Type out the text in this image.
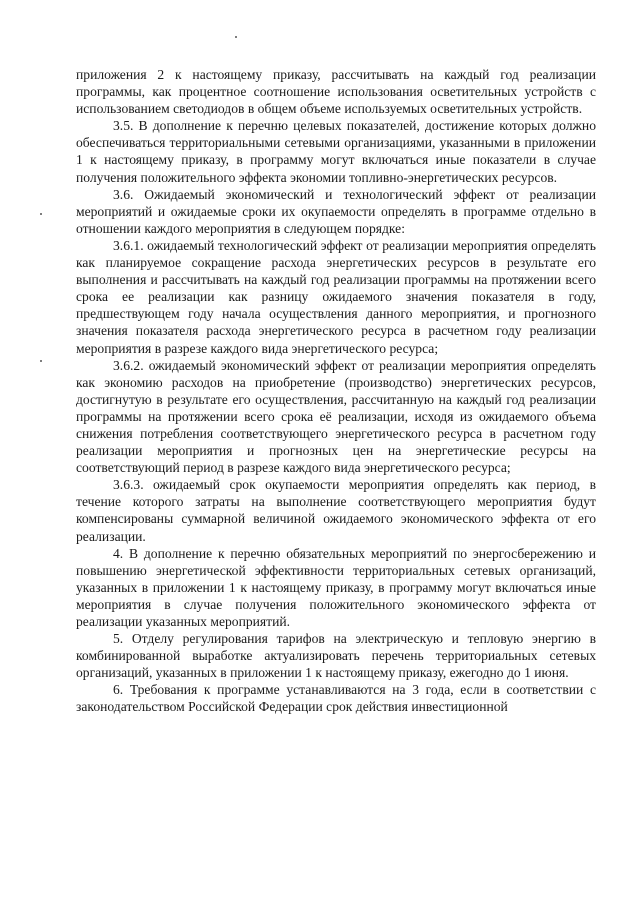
приложения 2 к настоящему приказу, рассчитывать на каждый год реализации программы, как процентное соотношение использования осветительных устройств с использованием светодиодов в общем объеме используемых осветительных устройств.

3.5. В дополнение к перечню целевых показателей, достижение которых должно обеспечиваться территориальными сетевыми организациями, указанными в приложении 1 к настоящему приказу, в программу могут включаться иные показатели в случае получения положительного эффекта экономии топливно-энергетических ресурсов.

3.6. Ожидаемый экономический и технологический эффект от реализации мероприятий и ожидаемые сроки их окупаемости определять в программе отдельно в отношении каждого мероприятия в следующем порядке:

3.6.1. ожидаемый технологический эффект от реализации мероприятия определять как планируемое сокращение расхода энергетических ресурсов в результате его выполнения и рассчитывать на каждый год реализации программы на протяжении всего срока ее реализации как разницу ожидаемого значения показателя в году, предшествующем году начала осуществления данного мероприятия, и прогнозного значения показателя расхода энергетического ресурса в расчетном году реализации мероприятия в разрезе каждого вида энергетического ресурса;

3.6.2. ожидаемый экономический эффект от реализации мероприятия определять как экономию расходов на приобретение (производство) энергетических ресурсов, достигнутую в результате его осуществления, рассчитанную на каждый год реализации программы на протяжении всего срока её реализации, исходя из ожидаемого объема снижения потребления соответствующего энергетического ресурса в расчетном году реализации мероприятия и прогнозных цен на энергетические ресурсы на соответствующий период в разрезе каждого вида энергетического ресурса;

3.6.3. ожидаемый срок окупаемости мероприятия определять как период, в течение которого затраты на выполнение соответствующего мероприятия будут компенсированы суммарной величиной ожидаемого экономического эффекта от его реализации.

4. В дополнение к перечню обязательных мероприятий по энергосбережению и повышению энергетической эффективности территориальных сетевых организаций, указанных в приложении 1 к настоящему приказу, в программу могут включаться иные мероприятия в случае получения положительного экономического эффекта от реализации указанных мероприятий.

5. Отделу регулирования тарифов на электрическую и тепловую энергию в комбинированной выработке актуализировать перечень территориальных сетевых организаций, указанных в приложении 1 к настоящему приказу, ежегодно до 1 июня.

6. Требования к программе устанавливаются на 3 года, если в соответствии с законодательством Российской Федерации срок действия инвестиционной
